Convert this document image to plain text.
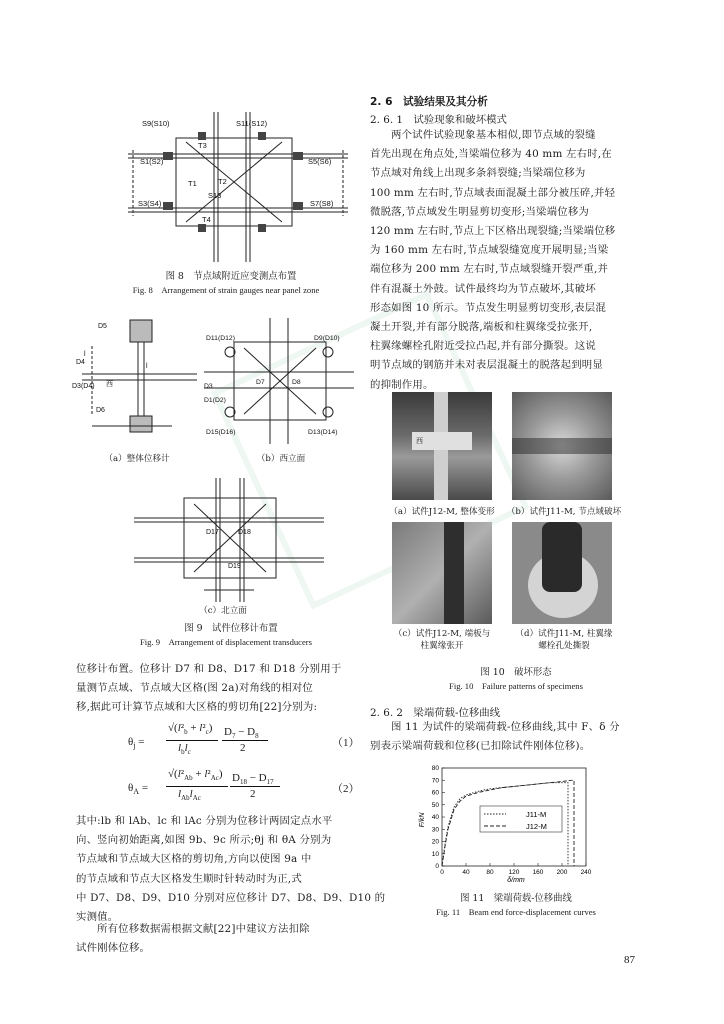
S9(S10)	S11(S12)
T3
S1(S2)	S5(S6)
T1	T2
S13
S3(S4)	S7(S8)
T4
图 8　节点域附近应变测点布置
Fig. 8　Arrangement of strain gauges near panel zone
D5
D4
D3(D4)
D6
l
l
西
（a）整体位移计
D11(D12)	D9(D10)
D7	D8
D3
D1(D2)
D15(D16)	D13(D14)
（b）西立面
D17	D18
D19
（c）北立面
图 9　试件位移计布置
Fig. 9　Arrangement of displacement transducers
位移计布置。位移计 D7 和 D8、D17 和 D18 分别用于
量测节点域、节点域大区格(图 2a)对角线的相对位
移,据此可计算节点域和大区格的剪切角[22]分别为:
$\theta_j$ =
$√(l^2_b + l^2_c)$
$l_bl_c$
$D_7 - D_8$
2	（1）
$\theta_A$ =
$√(l^2_{Ab} + l^2_{Ac})$
$l_{Ab}l_{Ac}$
$D_{18} - D_{17}$
2	（2）
其中:lb 和 lAb、lc 和 lAc 分别为位移计两固定点水平
向、竖向初始距离,如图 9b、9c 所示;θj 和 θA 分别为
节点域和节点域大区格的剪切角,方向以使图 9a 中
的节点域和节点大区格发生顺时针转动时为正,式
中 D7、D8、D9、D10 分别对应位移计 D7、D8、D9、D10 的
实测值。
所有位移数据需根据文献[22]中建议方法扣除
试件刚体位移。
2. 6　试验结果及其分析
2. 6. 1　试验现象和破坏模式
两个试件试验现象基本相似,即节点域的裂缝
首先出现在角点处,当梁端位移为 40 mm 左右时,在
节点域对角线上出现多条斜裂缝;当梁端位移为
100 mm 左右时,节点域表面混凝土部分被压碎,并轻
微脱落,节点域发生明显剪切变形;当梁端位移为
120 mm 左右时,节点上下区格出现裂缝;当梁端位移
为 160 mm 左右时,节点域裂缝宽度开展明显;当梁
端位移为 200 mm 左右时,节点域裂缝开裂严重,并
伴有混凝土外鼓。试件最终均为节点破坏,其破坏
形态如图 10 所示。节点发生明显剪切变形,表层混
凝土开裂,并有部分脱落,端板和柱翼缘受拉张开,
柱翼缘螺栓孔附近受拉凸起,并有部分撕裂。这说
明节点域的钢筋并未对表层混凝土的脱落起到明显
的抑制作用。
西
（a）试件J12-M, 整体变形	（b）试件J11-M, 节点域破坏
（c）试件J12-M, 端板与
柱翼缘张开
（d）试件J11-M, 柱翼缘
螺栓孔处撕裂
图 10　破坏形态
Fig. 10　Failure patterns of specimens
2. 6. 2　梁端荷载-位移曲线
图 11 为试件的梁端荷载-位移曲线,其中 F、δ 分
别表示梁端荷载和位移(已扣除试件刚体位移)。
0	40	80 120 160 200 240
0
10
20
30
40
50
60
70
80
J11-M
J12-M
F/kN
δ/mm
图 11　梁端荷载-位移曲线
Fig. 11　Beam end force-displacement curves
87
